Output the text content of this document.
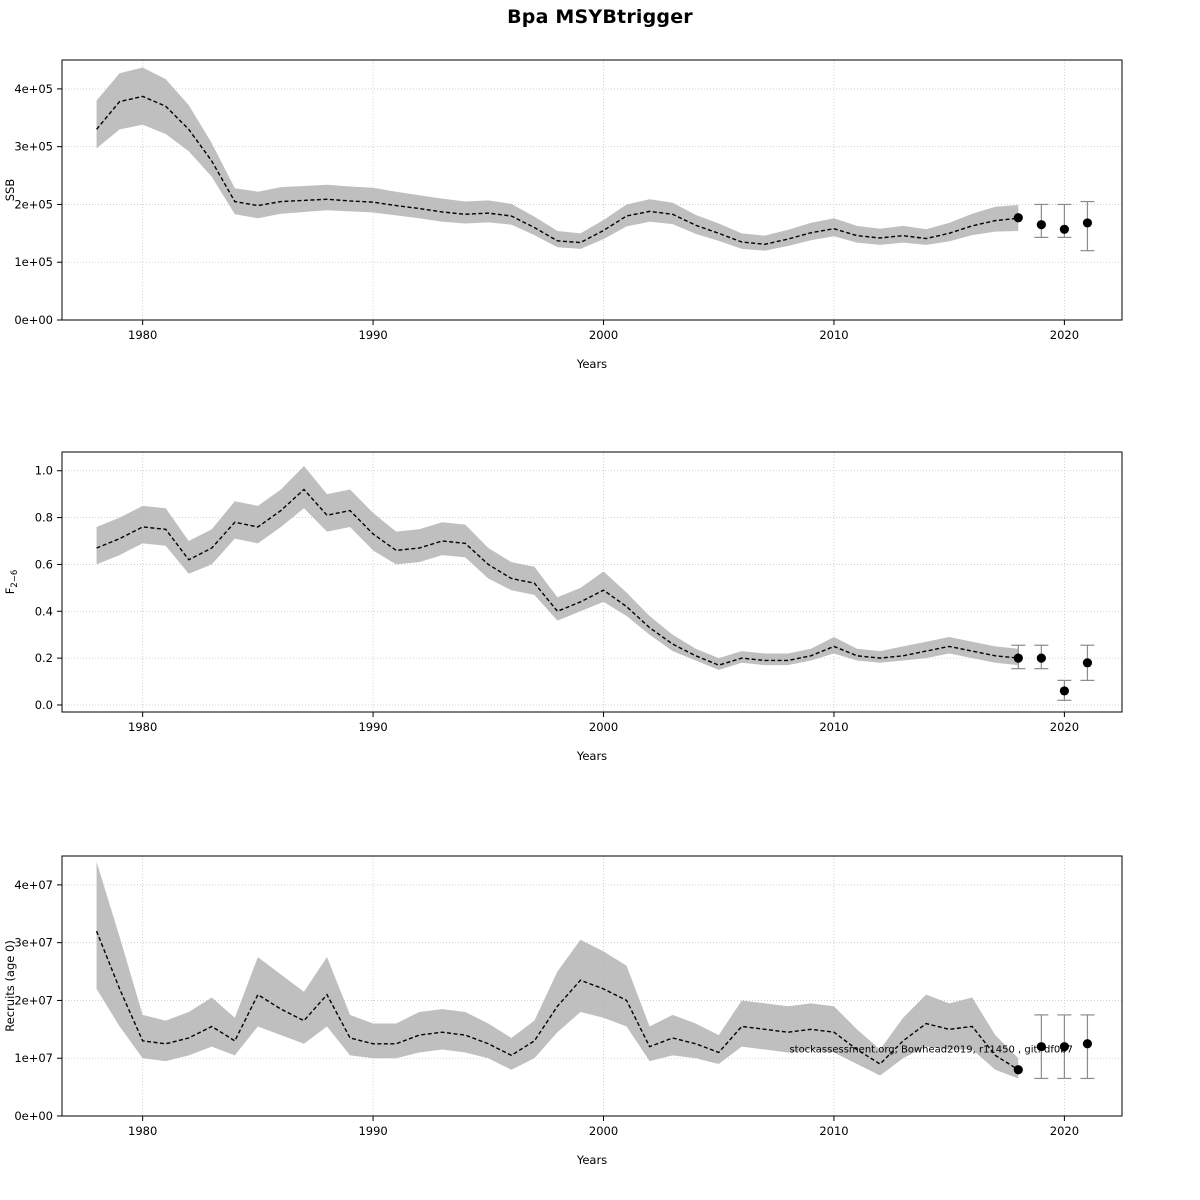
Bpa MSYBtrigger
1980	1990	2000	2010	2020
0e+00
1e+05
2e+05
3e+05
4e+05
Years
SSB
1980	1990	2000	2010	2020
0.0
0.2
0.4
0.6
0.8
1.0
Years
$F_{2-6}$
1980	1990	2000	2010	2020
0e+00
1e+07
2e+07
3e+07
4e+07
Years
Recruits (age 0)
stockassessment.org, Bowhead2019, r11450 , git: df0b7
